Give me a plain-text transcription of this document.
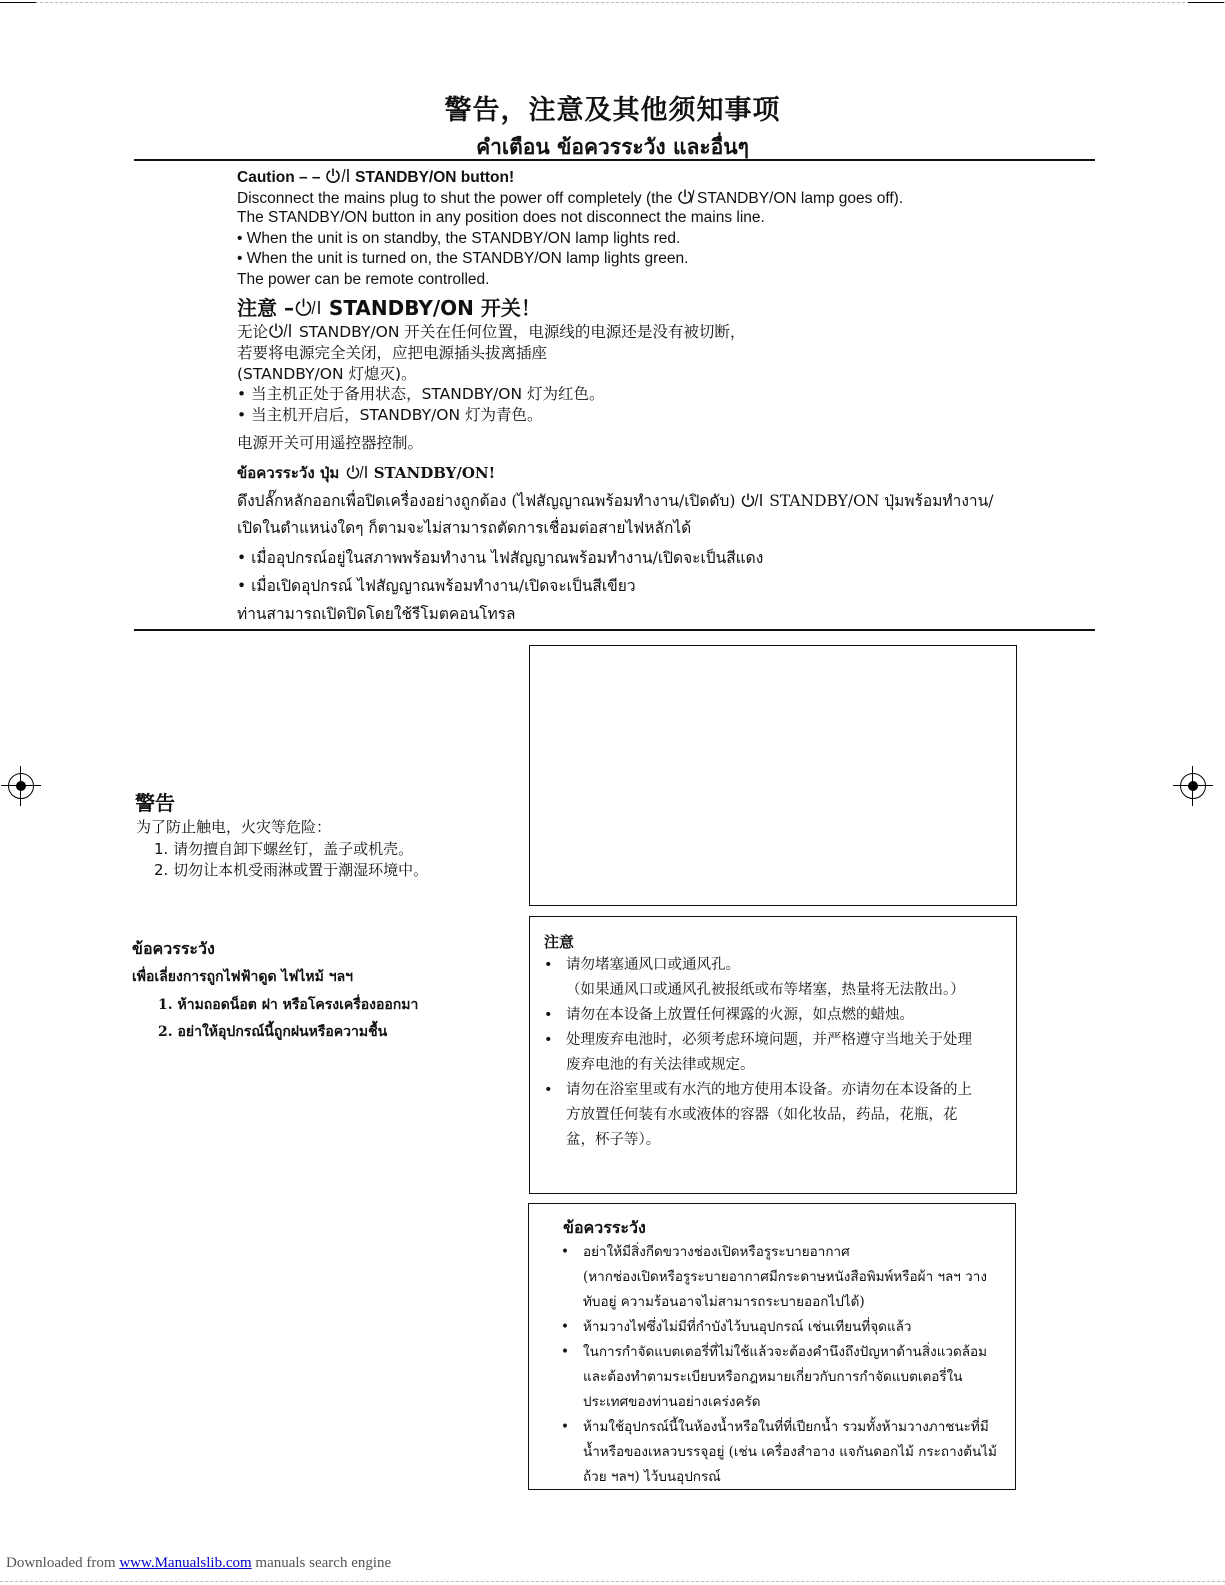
警告，注意及其他须知事项
คำเตือน ข้อควรระวัง และอื่นๆ
Caution – –  STANDBY/ON button!
Disconnect the mains plug to shut the power off completely (the STANDBY/ON lamp goes off).
The STANDBY/ON button in any position does not disconnect the mains line.
• When the unit is on standby, the STANDBY/ON lamp lights red.
• When the unit is turned on, the STANDBY/ON lamp lights green.
The power can be remote controlled.
注意 – STANDBY/ON 开关！
无论 STANDBY/ON 开关在任何位置，电源线的电源还是没有被切断，
若要将电源完全关闭，应把电源插头拔离插座
(STANDBY/ON 灯熄灭)。
• 当主机正处于备用状态，STANDBY/ON 灯为红色。
• 当主机开启后，STANDBY/ON 灯为青色。
电源开关可用遥控器控制。
ข้อควรระวัง ปุ่ม  STANDBY/ON!
ดึงปลั๊กหลักออกเพื่อปิดเครื่องอย่างถูกต้อง (ไฟสัญญาณพร้อมทำงาน/เปิดดับ)  STANDBY/ON ปุ่มพร้อมทำงาน/
เปิดในตำแหน่งใดๆ ก็ตามจะไม่สามารถตัดการเชื่อมต่อสายไฟหลักได้
• เมื่ออุปกรณ์อยู่ในสภาพพร้อมทำงาน ไฟสัญญาณพร้อมทำงาน/เปิดจะเป็นสีแดง
• เมื่อเปิดอุปกรณ์ ไฟสัญญาณพร้อมทำงาน/เปิดจะเป็นสีเขียว
ท่านสามารถเปิดปิดโดยใช้รีโมตคอนโทรล
警告
为了防止触电，火灾等危险：
1. 请勿擅自卸下螺丝钉，盖子或机壳。
2. 切勿让本机受雨淋或置于潮湿环境中。
ข้อควรระวัง
เพื่อเลี่ยงการถูกไฟฟ้าดูด ไฟไหม้ ฯลฯ
1. ห้ามถอดน็อต ฝา หรือโครงเครื่องออกมา
2. อย่าให้อุปกรณ์นี้ถูกฝนหรือความชื้น
注意
• 请勿堵塞通风口或通风孔。
（如果通风口或通风孔被报纸或布等堵塞，热量将无法散出。）
• 请勿在本设备上放置任何裸露的火源，如点燃的蜡烛。
• 处理废弃电池时，必须考虑环境问题，并严格遵守当地关于处理废弃电池的有关法律或规定。
• 请勿在浴室里或有水汽的地方使用本设备。亦请勿在本设备的上方放置任何装有水或液体的容器（如化妆品，药品，花瓶，花盆，杯子等）。
ข้อควรระวัง
• อย่าให้มีสิ่งกีดขวางช่องเปิดหรือรูระบายอากาศ
(หากช่องเปิดหรือรูระบายอากาศมีกระดาษหนังสือพิมพ์หรือผ้า ฯลฯ วางทับอยู่ ความร้อนอาจไม่สามารถระบายออกไปได้)
• ห้ามวางไฟซึ่งไม่มีที่กำบังไว้บนอุปกรณ์ เช่นเทียนที่จุดแล้ว
• ในการกำจัดแบตเตอรี่ที่ไม่ใช้แล้วจะต้องคำนึงถึงปัญหาด้านสิ่งแวดล้อม และต้องทำตามระเบียบหรือกฎหมายเกี่ยวกับการกำจัดแบตเตอรี่ในประเทศของท่านอย่างเคร่งครัด
• ห้ามใช้อุปกรณ์นี้ในห้องน้ำหรือในที่ที่เปียกน้ำ รวมทั้งห้ามวางภาชนะที่มีน้ำหรือของเหลวบรรจุอยู่ (เช่น เครื่องสำอาง แจกันดอกไม้ กระถางต้นไม้ ถ้วย ฯลฯ) ไว้บนอุปกรณ์
Downloaded from www.Manualslib.com manuals search engine
